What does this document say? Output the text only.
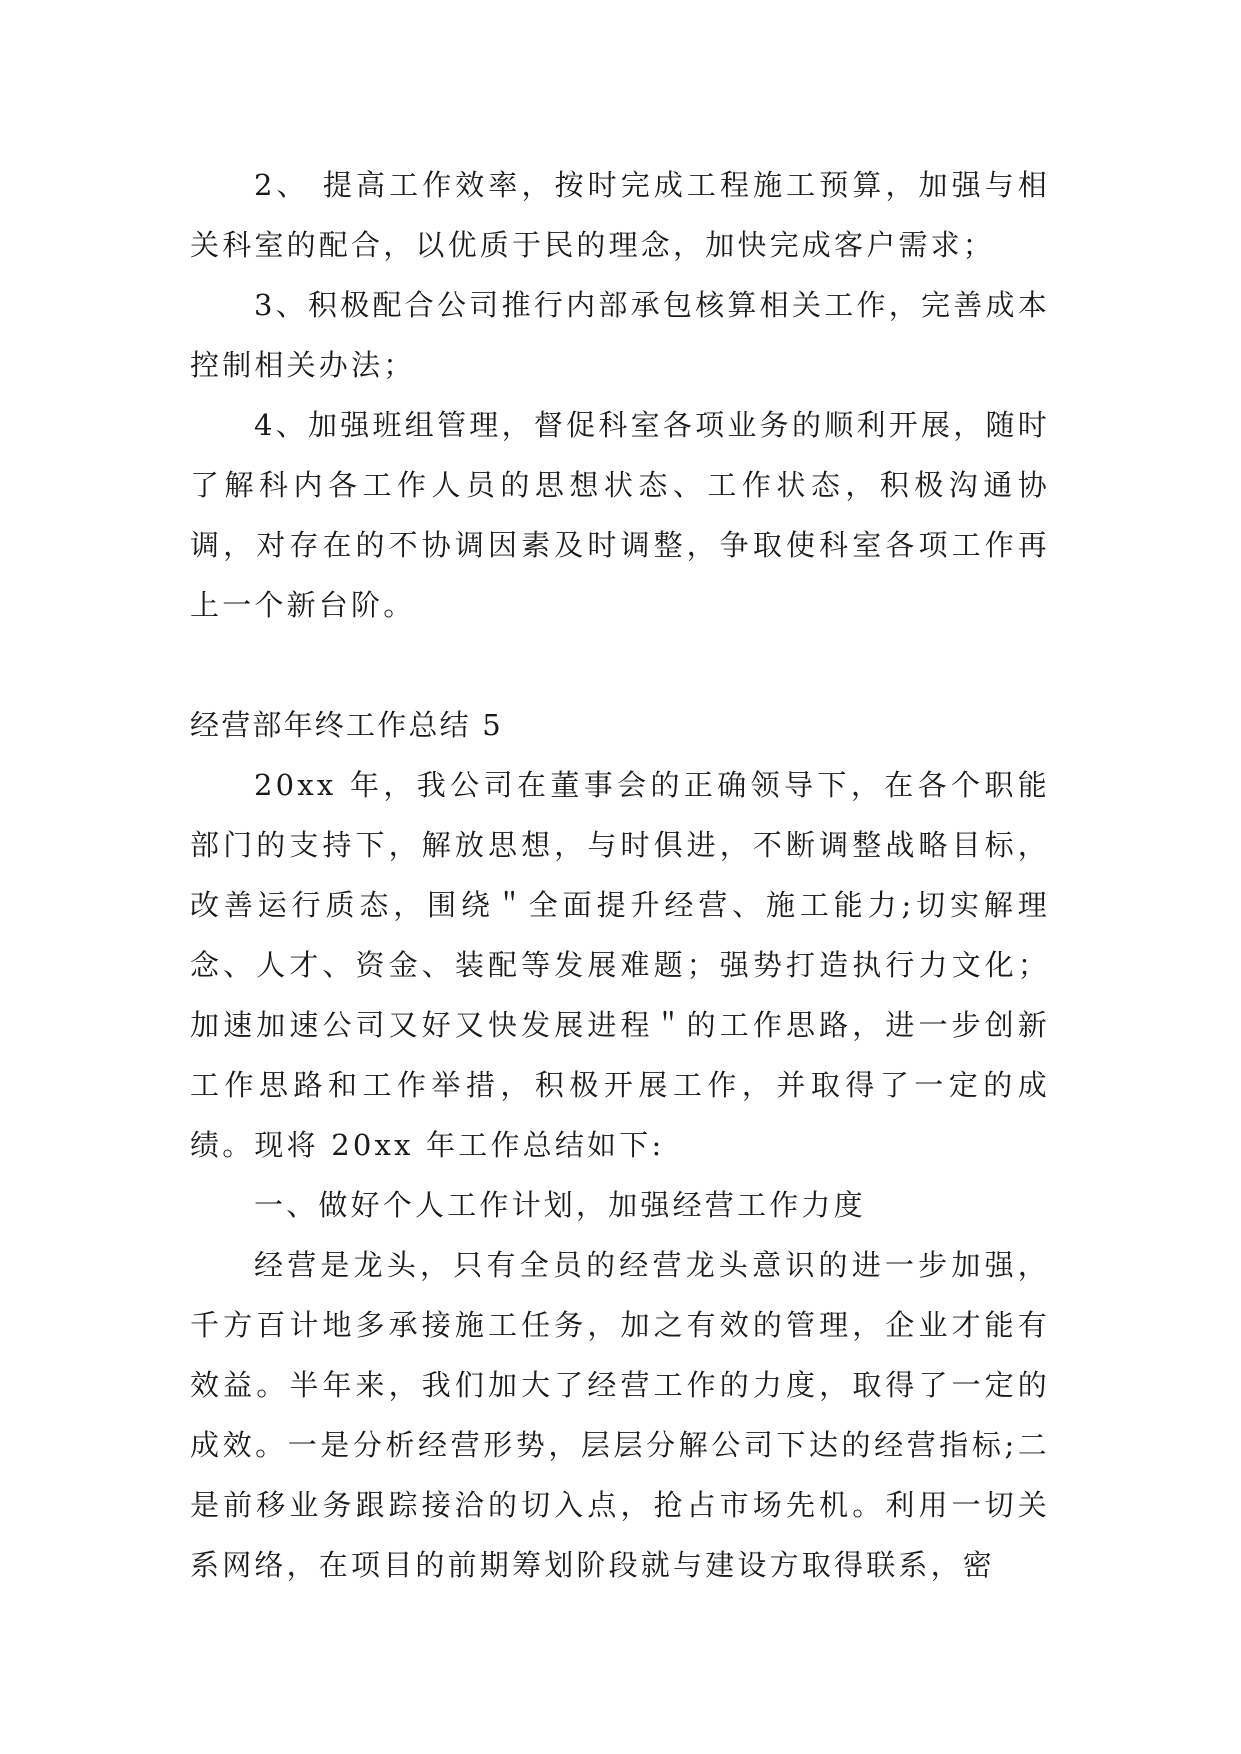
2、 提高工作效率，按时完成工程施工预算，加强与相关科室的配合，以优质于民的理念，加快完成客户需求；

3、积极配合公司推行内部承包核算相关工作，完善成本控制相关办法；

4、加强班组管理，督促科室各项业务的顺利开展，随时了解科内各工作人员的思想状态、工作状态，积极沟通协调，对存在的不协调因素及时调整，争取使科室各项工作再上一个新台阶。

经营部年终工作总结 5

20xx 年，我公司在董事会的正确领导下，在各个职能部门的支持下，解放思想，与时俱进，不断调整战略目标，改善运行质态，围绕＂全面提升经营、施工能力;切实解理念、人才、资金、装配等发展难题；强势打造执行力文化；加速加速公司又好又快发展进程＂的工作思路，进一步创新工作思路和工作举措，积极开展工作，并取得了一定的成绩。现将 20xx 年工作总结如下:

一、做好个人工作计划，加强经营工作力度

经营是龙头，只有全员的经营龙头意识的进一步加强，千方百计地多承接施工任务，加之有效的管理，企业才能有效益。半年来，我们加大了经营工作的力度，取得了一定的成效。一是分析经营形势，层层分解公司下达的经营指标;二是前移业务跟踪接洽的切入点，抢占市场先机。利用一切关系网络，在项目的前期筹划阶段就与建设方取得联系，密
